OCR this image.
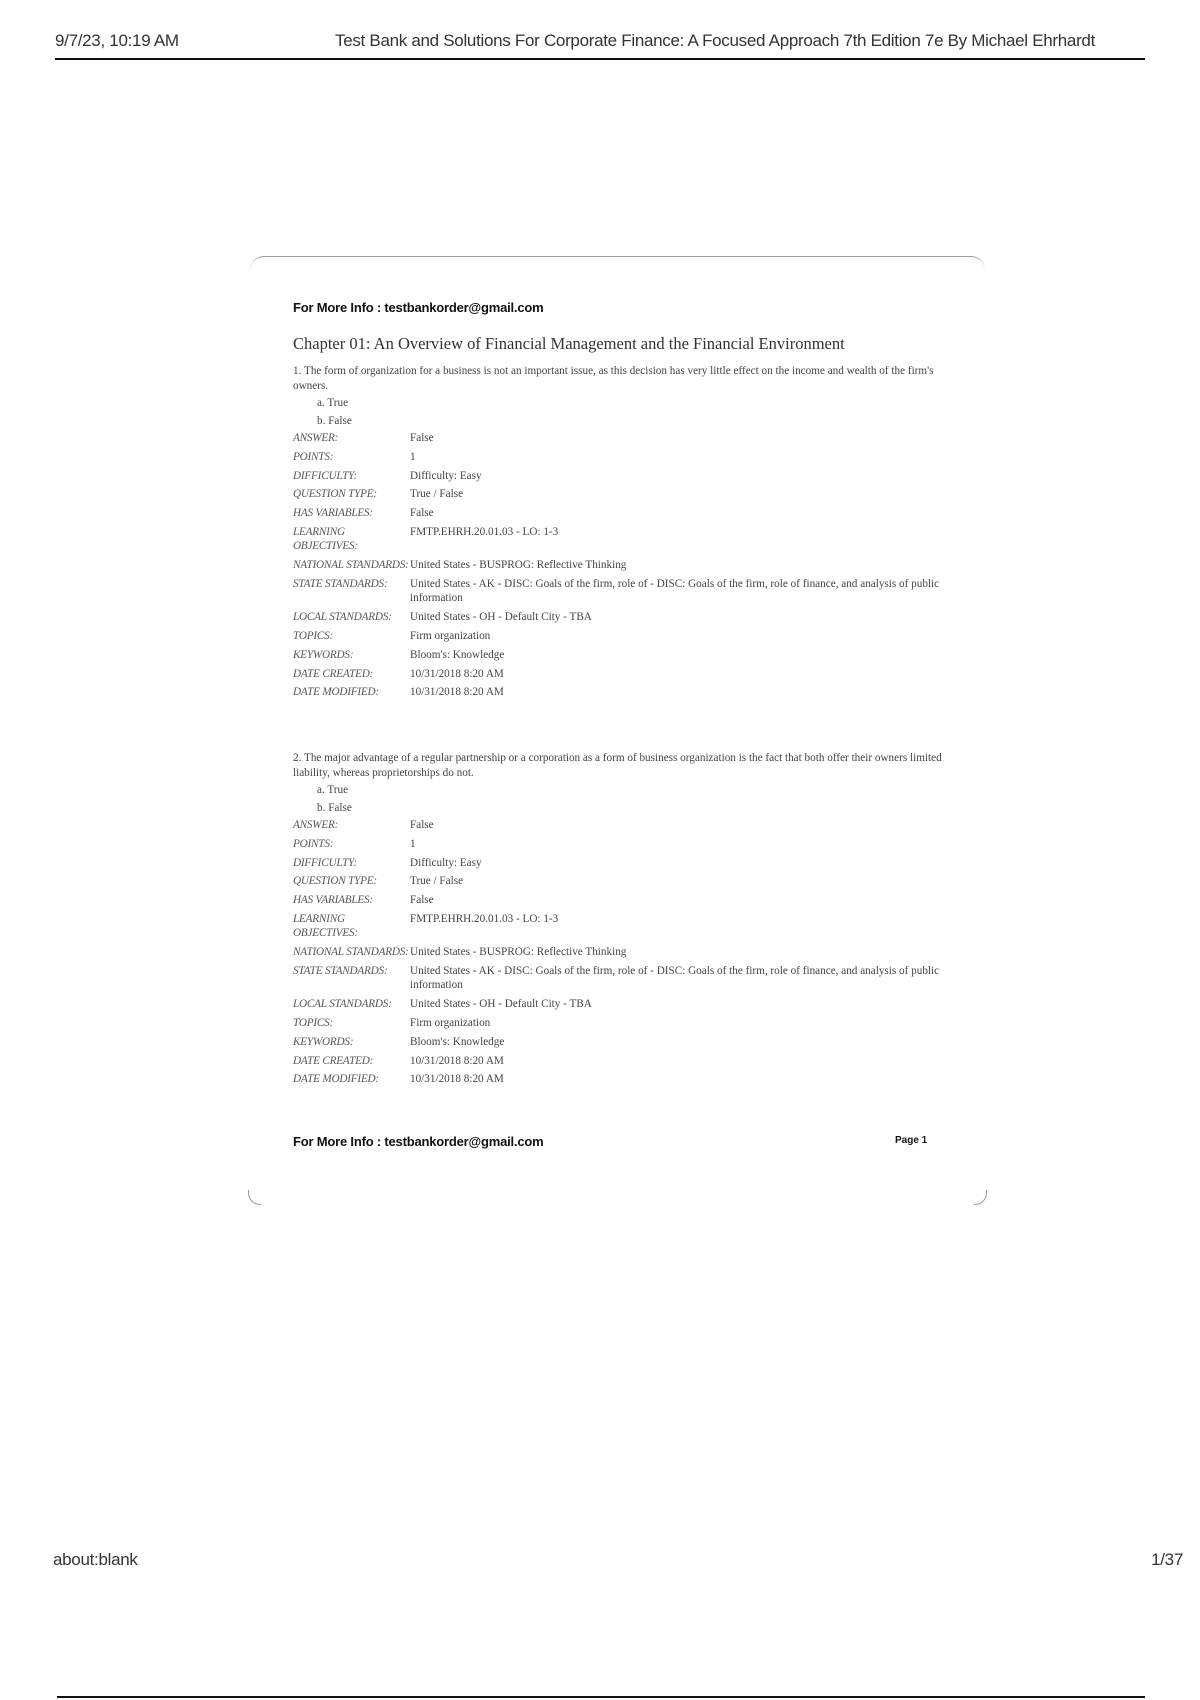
9/7/23, 10:19 AM	Test Bank and Solutions For Corporate Finance: A Focused Approach 7th Edition 7e By Michael Ehrhardt
For More Info : testbankorder@gmail.com
Chapter 01: An Overview of Financial Management and the Financial Environment
1. The form of organization for a business is not an important issue, as this decision has very little effect on the income and wealth of the firm's owners.
a. True
b. False
ANSWER:	False
POINTS:	1
DIFFICULTY:	Difficulty: Easy
QUESTION TYPE:	True / False
HAS VARIABLES:	False
LEARNING OBJECTIVES:	FMTP.EHRH.20.01.03 - LO: 1-3
NATIONAL STANDARDS:	United States - BUSPROG: Reflective Thinking
STATE STANDARDS:	United States - AK - DISC: Goals of the firm, role of - DISC: Goals of the firm, role of finance, and analysis of public information
LOCAL STANDARDS:	United States - OH - Default City - TBA
TOPICS:	Firm organization
KEYWORDS:	Bloom's: Knowledge
DATE CREATED:	10/31/2018 8:20 AM
DATE MODIFIED:	10/31/2018 8:20 AM
2. The major advantage of a regular partnership or a corporation as a form of business organization is the fact that both offer their owners limited liability, whereas proprietorships do not.
a. True
b. False
ANSWER:	False
POINTS:	1
DIFFICULTY:	Difficulty: Easy
QUESTION TYPE:	True / False
HAS VARIABLES:	False
LEARNING OBJECTIVES:	FMTP.EHRH.20.01.03 - LO: 1-3
NATIONAL STANDARDS:	United States - BUSPROG: Reflective Thinking
STATE STANDARDS:	United States - AK - DISC: Goals of the firm, role of - DISC: Goals of the firm, role of finance, and analysis of public information
LOCAL STANDARDS:	United States - OH - Default City - TBA
TOPICS:	Firm organization
KEYWORDS:	Bloom's: Knowledge
DATE CREATED:	10/31/2018 8:20 AM
DATE MODIFIED:	10/31/2018 8:20 AM
For More Info : testbankorder@gmail.com	Page 1
about:blank	1/37
